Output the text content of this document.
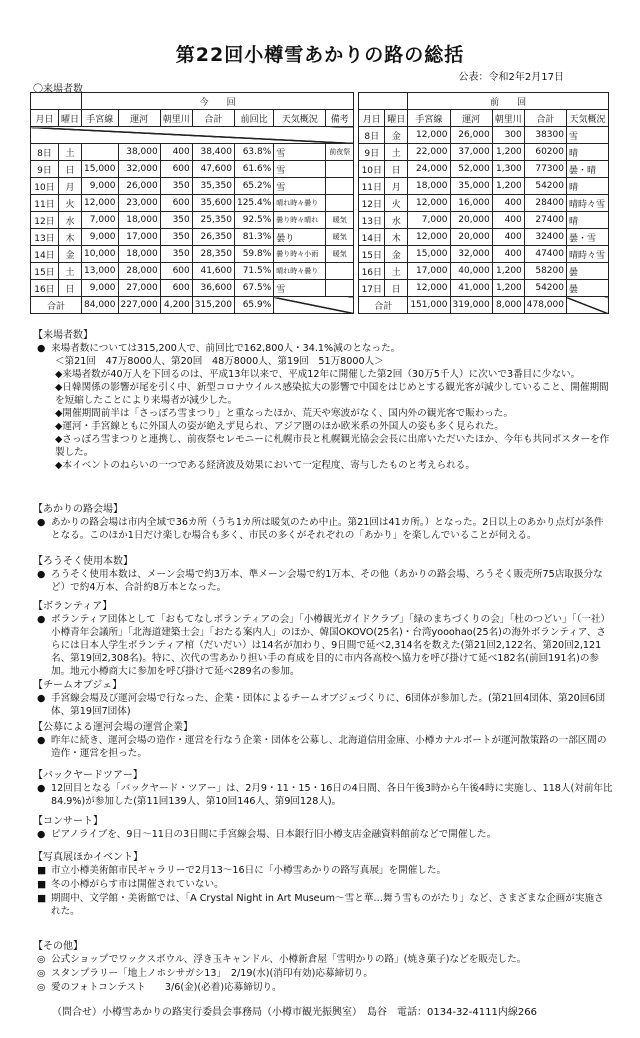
第22回小樽雪あかりの路の総括
公表：令和2年2月17日
〇来場者数
		今　　回										前　　回				
月日	曜日	手宮線	運河	朝里川	合計	前回比	天気概況	備考		月日	曜日	手宮線	運河	朝里川	合計	天気概況
										8日	金	12,000	26,000	300	38300	雪
8日	土		38,000	400	38,400	63.8%	雪	前夜祭		9日	土	22,000	37,000	1,200	60200	晴
9日	日	15,000	32,000	600	47,600	61.6%	雪			10日	日	24,000	52,000	1,300	77300	曇・晴
10日	月	9,000	26,000	350	35,350	65.2%	雪			11日	月	18,000	35,000	1,200	54200	晴
11日	火	12,000	23,000	600	35,600	125.4%	晴れ時々曇り			12日	火	12,000	16,000	400	28400	晴時々雪
12日	水	7,000	18,000	350	25,350	92.5%	曇り時々晴れ	暖気		13日	水	7,000	20,000	400	27400	晴
13日	木	9,000	17,000	350	26,350	81.3%	曇り	暖気		14日	木	12,000	20,000	400	32400	曇・雪
14日	金	10,000	18,000	350	28,350	59.8%	曇り時々小雨	暖気		15日	金	15,000	32,000	400	47400	晴時々雪
15日	土	13,000	28,000	600	41,600	71.5%	晴れ時々曇り			16日	土	17,000	40,000	1,200	58200	曇
16日	日	9,000	27,000	600	36,600	67.5%	雪			17日	日	12,000	41,000	1,200	54200	曇
合計		84,000	227,000	4,200	315,200	65.9%				合計		151,000	319,000	8,000	478,000	
【来場者数】
● 来場者数については315,200人で、前回比で162,800人・34.1%減のとなった。
＜第21回　47万8000人、第20回　48万8000人、第19回　51万8000人＞
◆来場者数が40万人を下回るのは、平成13年以来で、平成12年に開催した第2回（30万5千人）に次いで3番目に少ない。
◆日韓関係の影響が尾を引く中、新型コロナウイルス感染拡大の影響で中国をはじめとする観光客が減少していること、開催期間を短縮したことにより来場者が減少した。
◆開催期間前半は「さっぽろ雪まつり」と重なったほか、荒天や寒波がなく、国内外の観光客で賑わった。
◆運河・手宮線ともに外国人の姿が絶えず見られ、アジア圏のほか欧米系の外国人の姿も多く見られた。
◆さっぽろ雪まつりと連携し、前夜祭セレモニーに札幌市長と札幌観光協会会長に出席いただいたほか、今年も共同ポスターを作製した。
◆本イベントのねらいの一つである経済波及効果において一定程度、寄与したものと考えられる。
【あかりの路会場】
● あかりの路会場は市内全域で36カ所（うち1カ所は暖気のため中止。第21回は41カ所。）となった。2日以上のあかり点灯が条件となる。このほか1日だけ楽しむ場合も多く、市民の多くがそれぞれの「あかり」を楽しんでいることが伺える。
【ろうそく使用本数】
● ろうそく使用本数は、メーン会場で約3万本、準メーン会場で約1万本、その他（あかりの路会場、ろうそく販売所75店取扱分など）で約4万本、合計約8万本となった。
【ボランティア】
● ボランティア団体として「おもてなしボランティアの会」「小樽観光ガイドクラブ」「緑のまちづくりの会」「杜のつどい」「（一社）小樽青年会議所」「北海道建築士会」「おたる案内人」のほか、韓国OKOVO(25名)・台湾yooohao(25名)の海外ボランティア、さらには日本人学生ボランティア棺（だいだい）は14名が加わり、9日間で延べ2,314名を数えた(第21回2,122名、第20回2,121名、第19回2,308名)。特に、次代の雪あかり担い手の育成を目的に市内各高校へ協力を呼び掛けて延べ182名(前回191名)の参加。地元小樽商大に参加を呼び掛けて延べ289名の参加。
【チームオブジェ】
● 手宮線会場及び運河会場で行なった、企業・団体によるチームオブジェづくりに、6団体が参加した。(第21回4団体、第20回6団体、第19回7団体)
【公募による運河会場の運営企業】
● 昨年に続き、運河会場の造作・運営を行なう企業・団体を公募し、北海道信用金庫、小樽カナルボートが運河散策路の一部区間の造作・運営を担った。
【バックヤードツアー】
● 12回目となる「バックヤード・ツアー」は、2月9・11・15・16日の4日間、各日午後3時から午後4時に実施し、118人(対前年比84.9%)が参加した(第11回139人、第10回146人、第9回128人)。
【コンサート】
● ピアノライブを、9日～11日の3日間に手宮線会場、日本銀行旧小樽支店金融資料館前などで開催した。
【写真展ほかイベント】
■ 市立小樽美術館市民ギャラリーで2月13～16日に「小樽雪あかりの路写真展」を開催した。
■ 冬の小樽がらす市は開催されていない。
■ 期間中、文学館・美術館では、「A Crystal Night in Art Museum～雪と華…舞う雪ものがたり」など、さまざまな企画が実施された。
【その他】
◎ 公式ショップでワックスボウル、浮き玉キャンドル、小樽新倉屋「雪明かりの路」(焼き菓子)などを販売した。
◎ スタンプラリー「地上ノホシサガシ13」　2/19(水)(消印有効)応募締切り。
◎ 愛のフォトコンテスト　　3/6(金)(必着)応募締切り。
（問合せ）小樽雪あかりの路実行委員会事務局（小樽市観光振興室）　島谷　電話：0134-32-4111内線266
